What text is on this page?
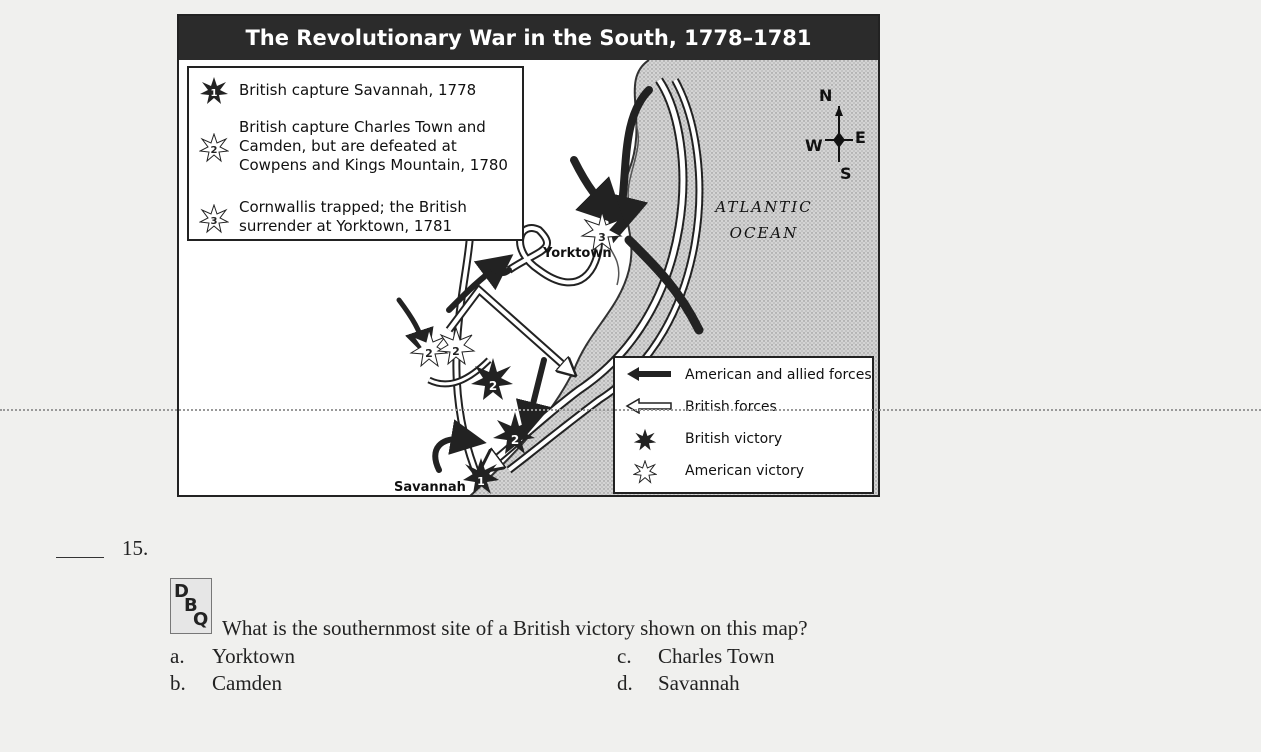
The Revolutionary War in the South, 1778–1781
1
2
2
2 2
3
1 British capture Savannah, 1778
2
British capture Charles Town and Camden, but are defeated at Cowpens and Kings Mountain, 1780
3
Cornwallis trapped; the British surrender at Yorktown, 1781
N
W E
S
ATLANTIC
OCEAN
Yorktown
Savannah
American and allied forces
British forces
British victory
American victory
15.
D
B
Q What is the southernmost site of a British victory shown on this map?
a. Yorktown
b. Camden
c. Charles Town
d. Savannah
